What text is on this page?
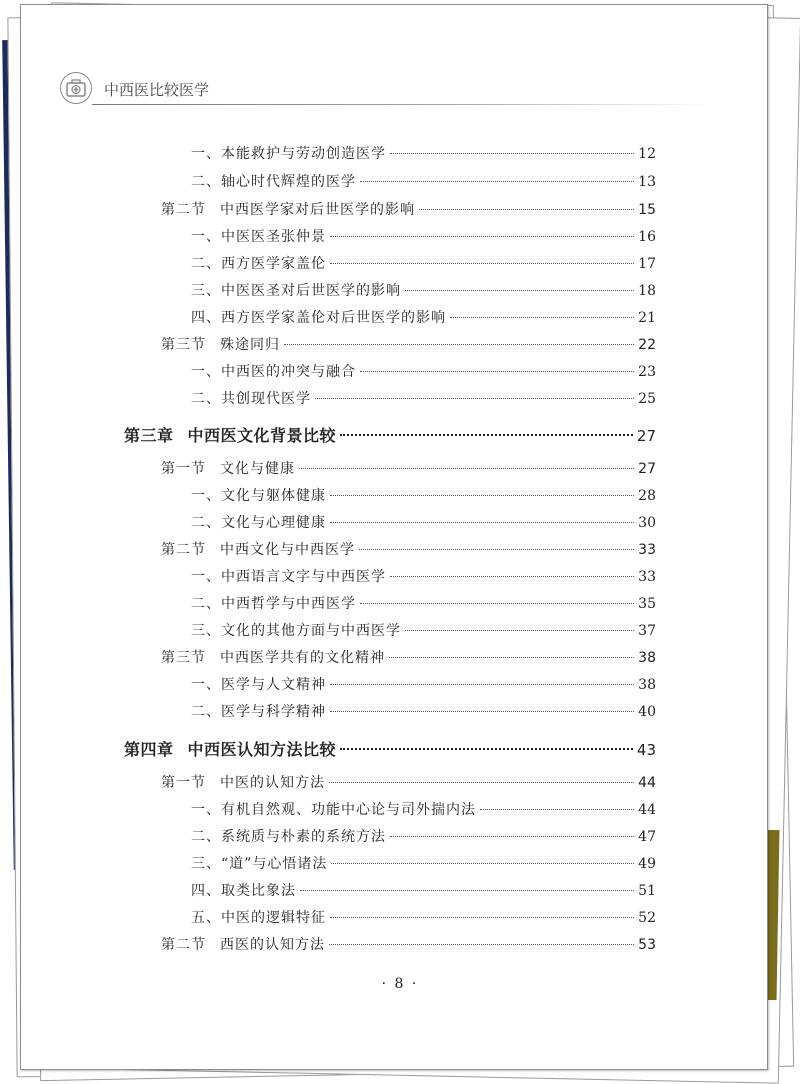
中西医比较医学
一、本能救护与劳动创造医学	12
二、轴心时代辉煌的医学	13
第二节 中西医学家对后世医学的影响	15
一、中医医圣张仲景	16
二、西方医学家盖伦	17
三、中医医圣对后世医学的影响	18
四、西方医学家盖伦对后世医学的影响	21
第三节 殊途同归	22
一、中西医的冲突与融合	23
二、共创现代医学	25
第三章 中西医文化背景比较	27
第一节 文化与健康	27
一、文化与躯体健康	28
二、文化与心理健康	30
第二节 中西文化与中西医学	33
一、中西语言文字与中西医学	33
二、中西哲学与中西医学	35
三、文化的其他方面与中西医学	37
第三节 中西医学共有的文化精神	38
一、医学与人文精神	38
二、医学与科学精神	40
第四章 中西医认知方法比较	43
第一节 中医的认知方法	44
一、有机自然观、功能中心论与司外揣内法	44
二、系统质与朴素的系统方法	47
三、“道”与心悟诸法	49
四、取类比象法	51
五、中医的逻辑特征	52
第二节 西医的认知方法	53
· 8 ·
